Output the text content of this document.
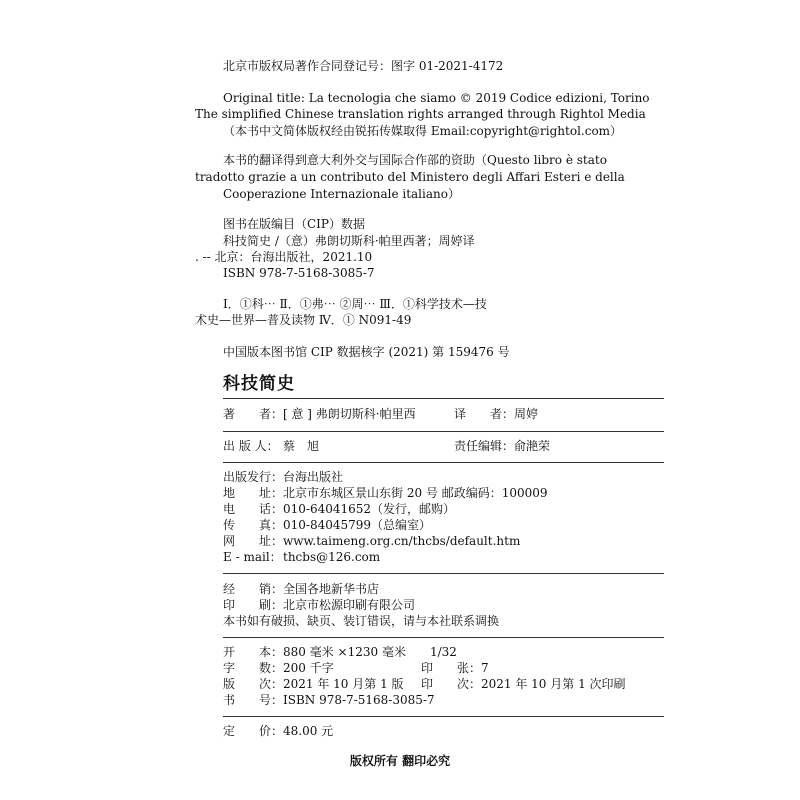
北京市版权局著作合同登记号：图字 01-2021-4172
Original title: La tecnologia che siamo © 2019 Codice edizioni, Torino
The simplified Chinese translation rights arranged through Rightol Media
（本书中文简体版权经由锐拓传媒取得 Email:copyright@rightol.com）
本书的翻译得到意大利外交与国际合作部的资助（Questo libro è stato
tradotto grazie a un contributo del Ministero degli Affari Esteri e della
Cooperazione Internazionale italiano）
图书在版编目（CIP）数据
科技简史 /（意）弗朗切斯科·帕里西著；周婷译
. -- 北京：台海出版社，2021.10
ISBN 978-7-5168-3085-7
Ⅰ．①科⋯ Ⅱ．①弗⋯ ②周⋯ Ⅲ．①科学技术—技
术史—世界—普及读物 Ⅳ．① N091-49
中国版本图书馆 CIP 数据核字 (2021) 第 159476 号
科技简史
著　　者： [ 意 ] 弗朗切斯科·帕里西	译　　者： 周婷
出 版 人： 蔡　旭	责任编辑： 俞滟荣
出版发行： 台海出版社
地　　址： 北京市东城区景山东街 20 号 邮政编码：100009
电　　话： 010-64041652（发行，邮购）
传　　真： 010-84045799（总编室）
网　　址： www.taimeng.org.cn/thcbs/default.htm
E - mail： thcbs@126.com
经　　销： 全国各地新华书店
印　　刷： 北京市松源印刷有限公司
本书如有破损、缺页、装订错误，请与本社联系调换
开　　本： 880 毫米 ×1230 毫米　　1/32
字　　数： 200 千字	印　　张： 7
版　　次： 2021 年 10 月第 1 版 印　　次： 2021 年 10 月第 1 次印刷
书　　号： ISBN 978-7-5168-3085-7
定　　价： 48.00 元
版权所有 翻印必究
